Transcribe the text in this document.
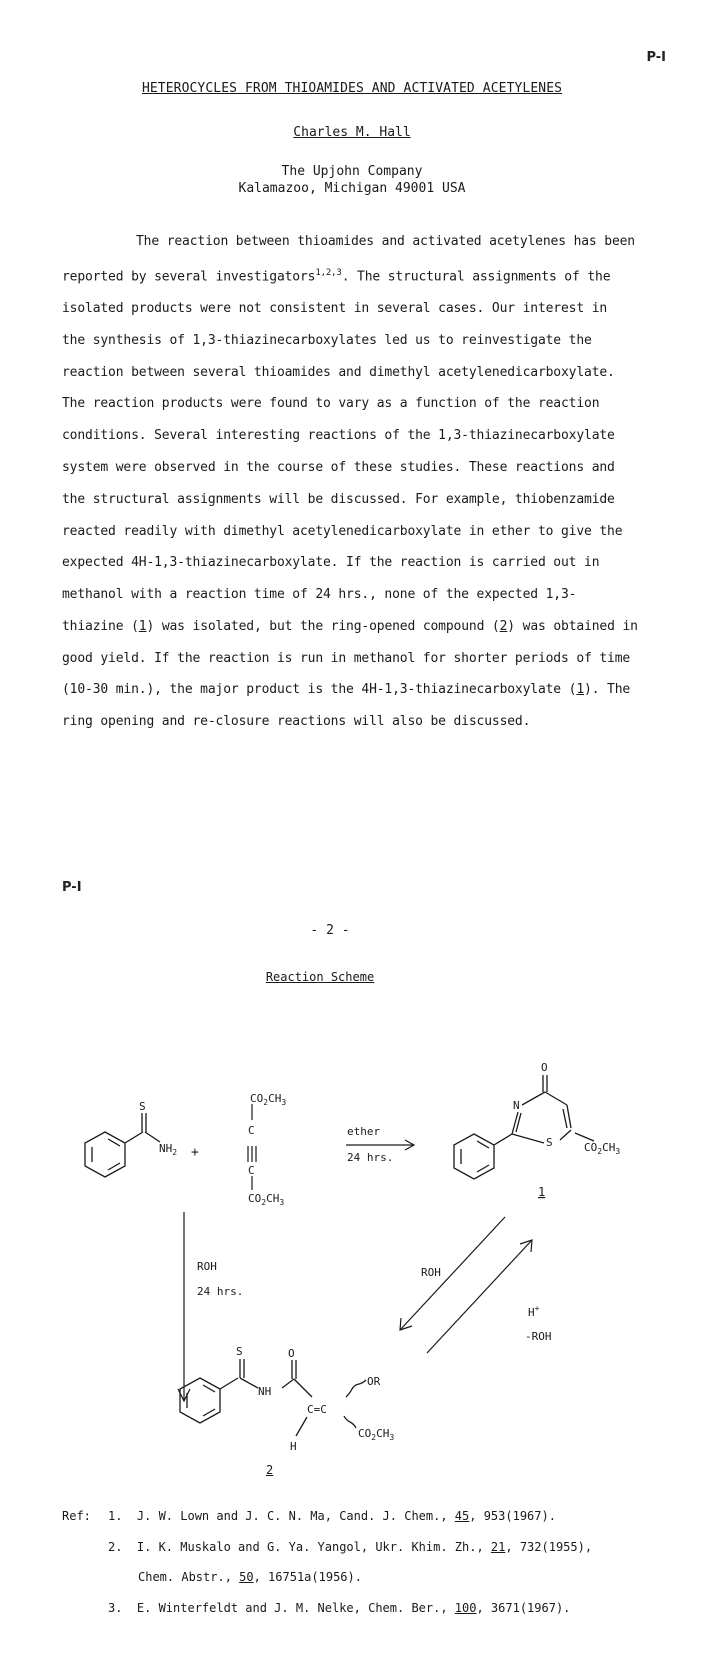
P-I
HETEROCYCLES FROM THIOAMIDES AND ACTIVATED ACETYLENES
Charles M. Hall
The Upjohn Company
Kalamazoo, Michigan 49001 USA
The reaction between thioamides and activated acetylenes has been
reported by several investigators$^{1,2,3}$. The structural assignments of the
isolated products were not consistent in several cases. Our interest in
the synthesis of 1,3-thiazinecarboxylates led us to reinvestigate the
reaction between several thioamides and dimethyl acetylenedicarboxylate.
The reaction products were found to vary as a function of the reaction
conditions. Several interesting reactions of the 1,3-thiazinecarboxylate
system were observed in the course of these studies. These reactions and
the structural assignments will be discussed. For example, thiobenzamide
reacted readily with dimethyl acetylenedicarboxylate in ether to give the
expected 4H-1,3-thiazinecarboxylate. If the reaction is carried out in
methanol with a reaction time of 24 hrs., none of the expected 1,3-
thiazine (1) was isolated, but the ring-opened compound (2) was obtained in
good yield. If the reaction is run in methanol for shorter periods of time
(10-30 min.), the major product is the 4H-1,3-thiazinecarboxylate (1). The
ring opening and re-closure reactions will also be discussed.
P-I
- 2 -
Reaction Scheme
S
$NH_2$ +
$CO_2CH_3$
C
C
$CO_2CH_3$
ether
24 hrs.
N
O
S	$CO_2CH_3$
1
ROH
24 hrs.
ROH
H+
-ROH
S	O
NH
C=C
H
OR
$CO_2CH_3$
2
Ref: 1. J. W. Lown and J. C. N. Ma, Cand. J. Chem., 45, 953(1967).
2. I. K. Muskalo and G. Ya. Yangol, Ukr. Khim. Zh., 21, 732(1955),
Chem. Abstr., 50, 16751a(1956).
3. E. Winterfeldt and J. M. Nelke, Chem. Ber., 100, 3671(1967).
